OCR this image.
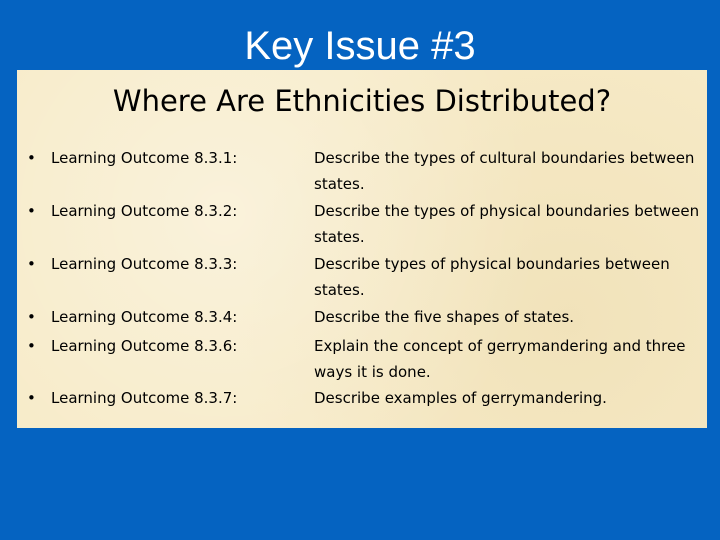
Key Issue #3
Where Are Ethnicities Distributed?
• Learning Outcome 8.3.1:	Describe the types of cultural boundaries between states.
• Learning Outcome 8.3.2:	Describe the types of physical boundaries between states.
• Learning Outcome 8.3.3:	Describe types of physical boundaries between states.
• Learning Outcome 8.3.4:	Describe the five shapes of states.
• Learning Outcome 8.3.6:	Explain the concept of gerrymandering and three ways it is done.
• Learning Outcome 8.3.7:	Describe examples of gerrymandering.
